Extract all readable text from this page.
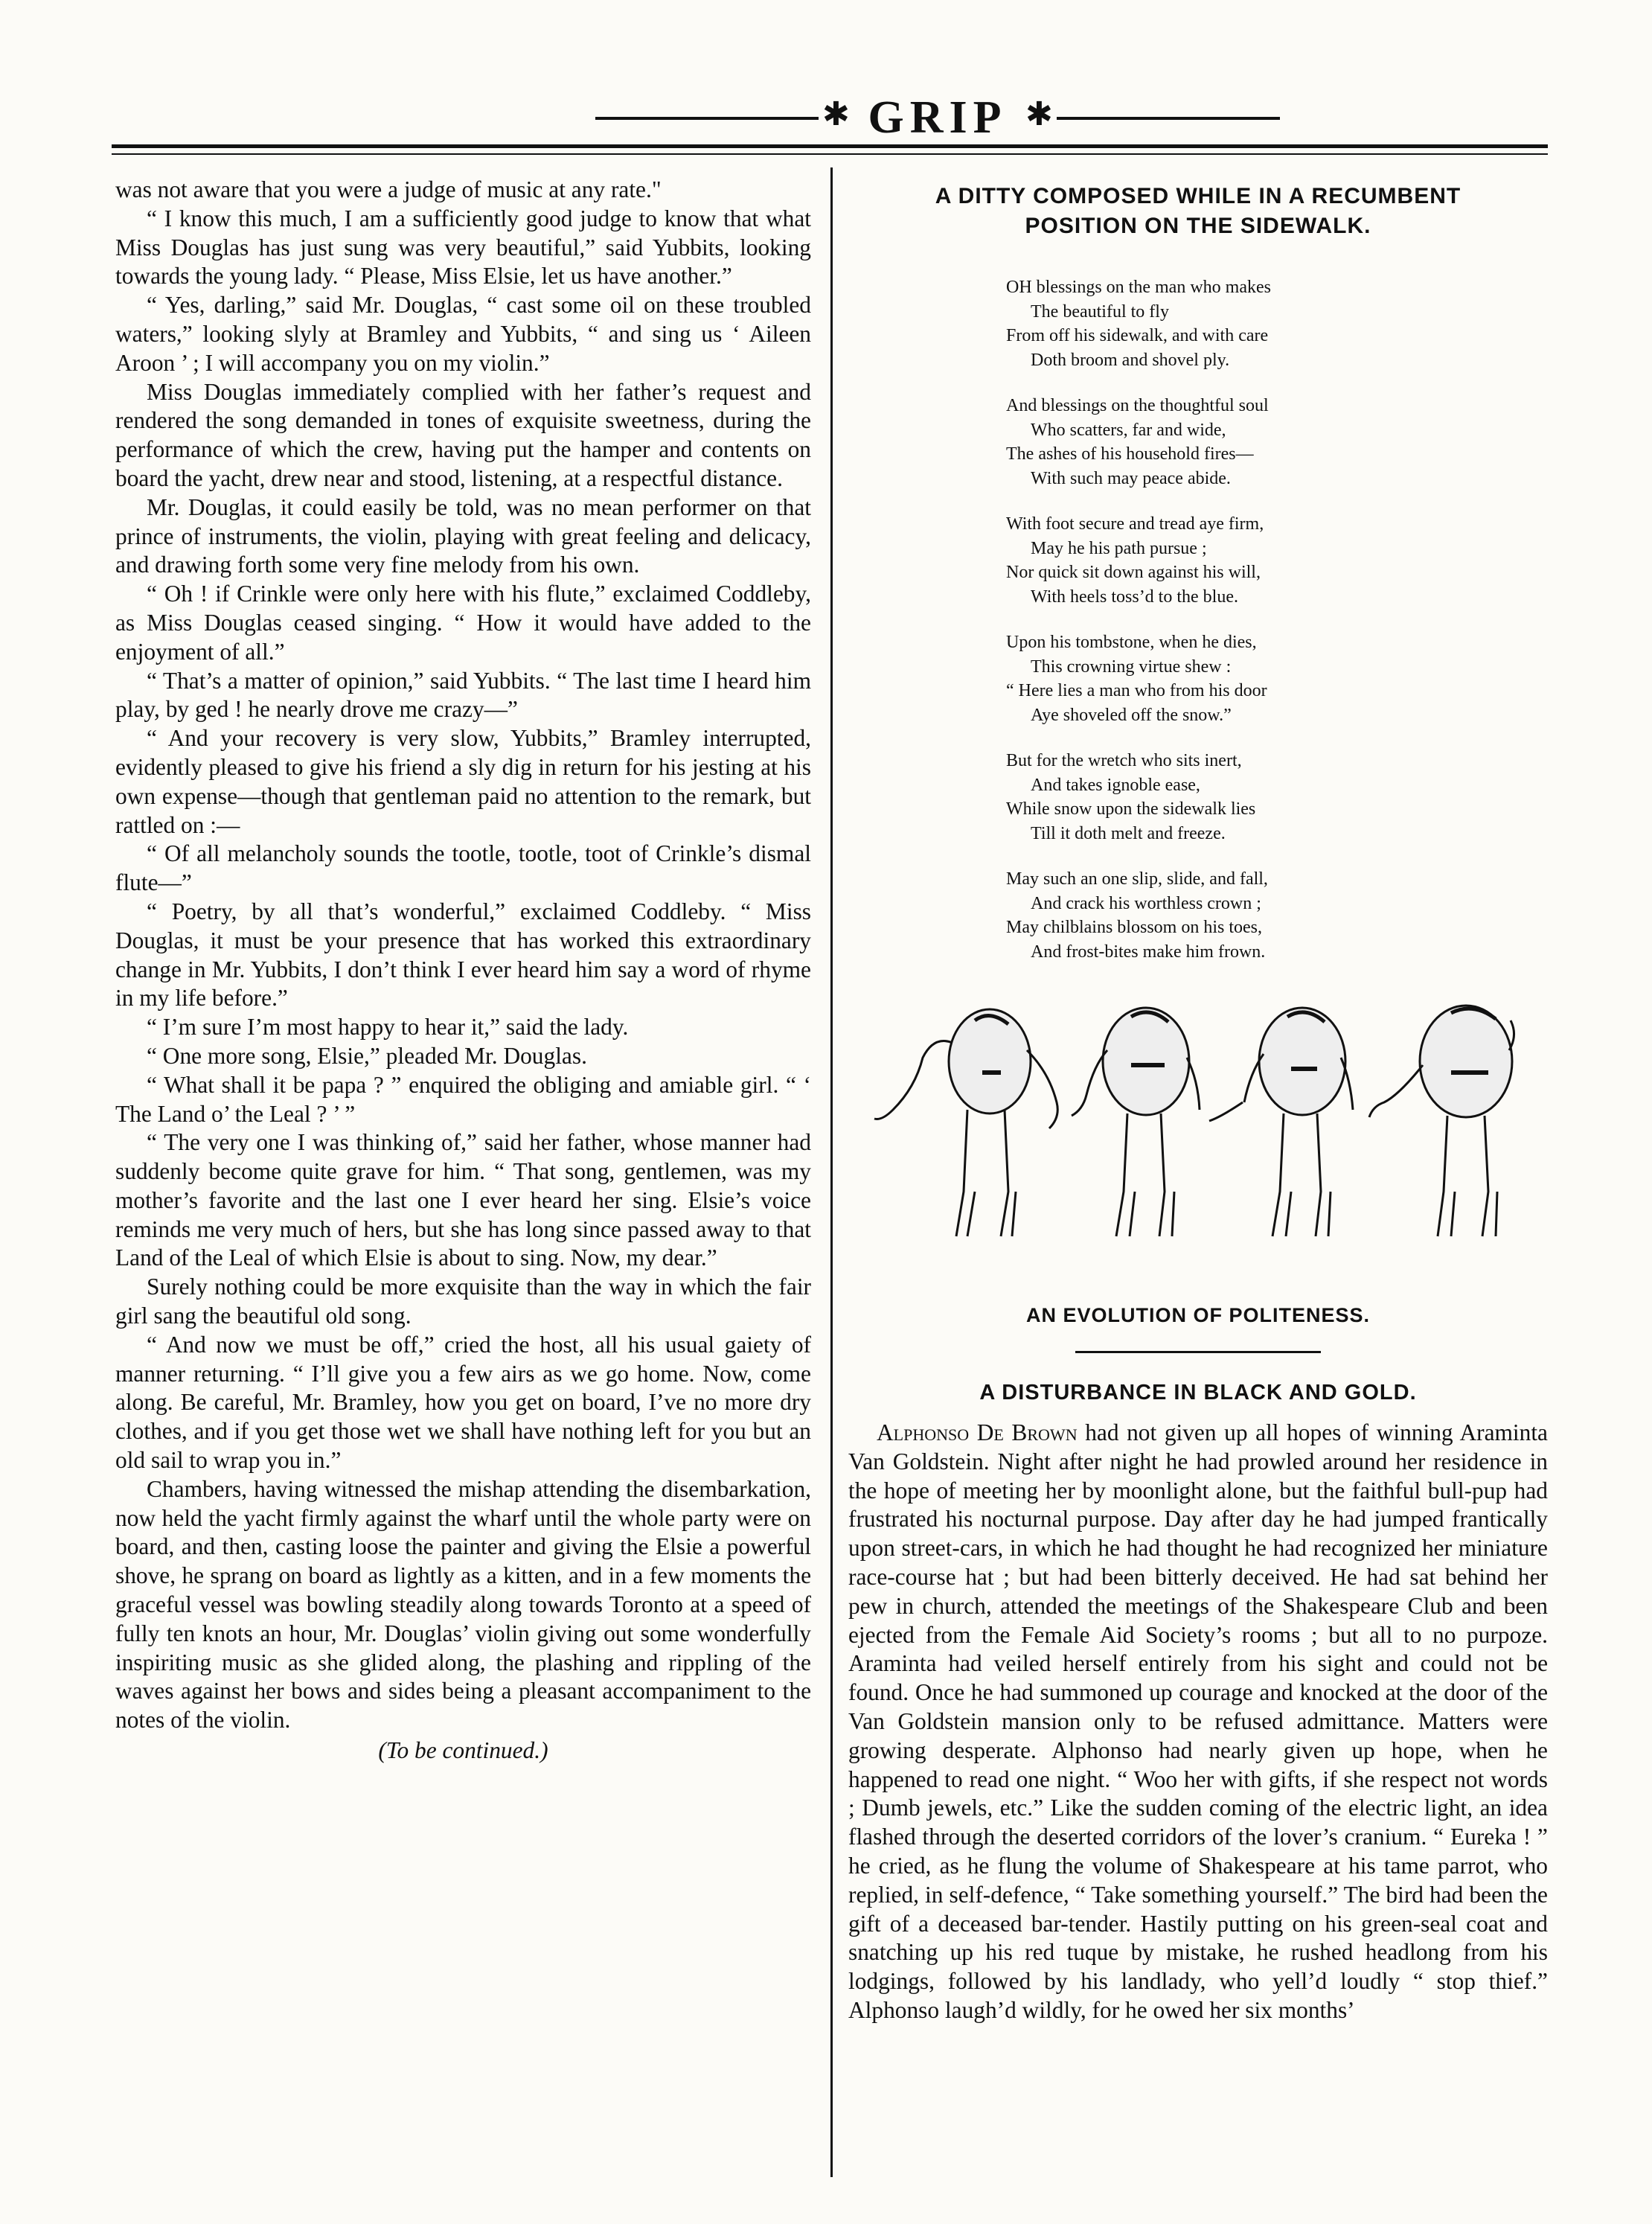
✱ GRIP ✱

was not aware that you were a judge of music at any rate."

“ I know this much, I am a sufficiently good judge to know that what Miss Douglas has just sung was very beautiful,” said Yubbits, looking towards the young lady. “ Please, Miss Elsie, let us have another.”

“ Yes, darling,” said Mr. Douglas, “ cast some oil on these troubled waters,” looking slyly at Bramley and Yubbits, “ and sing us ‘ Aileen Aroon ’ ; I will accompany you on my violin.”

Miss Douglas immediately complied with her father’s request and rendered the song demanded in tones of exquisite sweetness, during the performance of which the crew, having put the hamper and contents on board the yacht, drew near and stood, listening, at a respectful distance.

Mr. Douglas, it could easily be told, was no mean performer on that prince of instruments, the violin, playing with great feeling and delicacy, and drawing forth some very fine melody from his own.

“ Oh ! if Crinkle were only here with his flute,” exclaimed Coddleby, as Miss Douglas ceased singing. “ How it would have added to the enjoyment of all.”

“ That’s a matter of opinion,” said Yubbits. “ The last time I heard him play, by ged ! he nearly drove me crazy—”

“ And your recovery is very slow, Yubbits,” Bramley interrupted, evidently pleased to give his friend a sly dig in return for his jesting at his own expense—though that gentleman paid no attention to the remark, but rattled on :—

“ Of all melancholy sounds the tootle, tootle, toot of Crinkle’s dismal flute—”

“ Poetry, by all that’s wonderful,” exclaimed Coddleby. “ Miss Douglas, it must be your presence that has worked this extraordinary change in Mr. Yubbits, I don’t think I ever heard him say a word of rhyme in my life before.”

“ I’m sure I’m most happy to hear it,” said the lady.

“ One more song, Elsie,” pleaded Mr. Douglas.

“ What shall it be papa ? ” enquired the obliging and amiable girl. “ ‘ The Land o’ the Leal ? ’ ”

“ The very one I was thinking of,” said her father, whose manner had suddenly become quite grave for him. “ That song, gentlemen, was my mother’s favorite and the last one I ever heard her sing. Elsie’s voice reminds me very much of hers, but she has long since passed away to that Land of the Leal of which Elsie is about to sing. Now, my dear.”

Surely nothing could be more exquisite than the way in which the fair girl sang the beautiful old song.

“ And now we must be off,” cried the host, all his usual gaiety of manner returning. “ I’ll give you a few airs as we go home. Now, come along. Be careful, Mr. Bramley, how you get on board, I’ve no more dry clothes, and if you get those wet we shall have nothing left for you but an old sail to wrap you in.”

Chambers, having witnessed the mishap attending the disembarkation, now held the yacht firmly against the wharf until the whole party were on board, and then, casting loose the painter and giving the Elsie a powerful shove, he sprang on board as lightly as a kitten, and in a few moments the graceful vessel was bowling steadily along towards Toronto at a speed of fully ten knots an hour, Mr. Douglas’ violin giving out some wonderfully inspiriting music as she glided along, the plashing and rippling of the waves against her bows and sides being a pleasant accompaniment to the notes of the violin.

(To be continued.)

A DITTY COMPOSED WHILE IN A RECUMBENT
POSITION ON THE SIDEWALK.
OH blessings on the man who makes
The beautiful to fly
From off his sidewalk, and with care
Doth broom and shovel ply.
And blessings on the thoughtful soul
Who scatters, far and wide,
The ashes of his household fires—
With such may peace abide.
With foot secure and tread aye firm,
May he his path pursue ;
Nor quick sit down against his will,
With heels toss’d to the blue.
Upon his tombstone, when he dies,
This crowning virtue shew :
“ Here lies a man who from his door
Aye shoveled off the snow.”
But for the wretch who sits inert,
And takes ignoble ease,
While snow upon the sidewalk lies
Till it doth melt and freeze.
May such an one slip, slide, and fall,
And crack his worthless crown ;
May chilblains blossom on his toes,
And frost-bites make him frown.
AN EVOLUTION OF POLITENESS.
A DISTURBANCE IN BLACK AND GOLD.
Alphonso De Brown had not given up all hopes of winning Araminta Van Goldstein. Night after night he had prowled around her residence in the hope of meeting her by moonlight alone, but the faithful bull-pup had frustrated his nocturnal purpose. Day after day he had jumped frantically upon street-cars, in which he had thought he had recognized her miniature race-course hat ; but had been bitterly deceived. He had sat behind her pew in church, attended the meetings of the Shakespeare Club and been ejected from the Female Aid Society’s rooms ; but all to no purpoze. Araminta had veiled herself entirely from his sight and could not be found. Once he had summoned up courage and knocked at the door of the Van Goldstein mansion only to be refused admittance. Matters were growing desperate. Alphonso had nearly given up hope, when he happened to read one night. “ Woo her with gifts, if she respect not words ; Dumb jewels, etc.” Like the sudden coming of the electric light, an idea flashed through the deserted corridors of the lover’s cranium. “ Eureka ! ” he cried, as he flung the volume of Shakespeare at his tame parrot, who replied, in self-defence, “ Take something yourself.” The bird had been the gift of a deceased bar-tender. Hastily putting on his green-seal coat and snatching up his red tuque by mistake, he rushed headlong from his lodgings, followed by his landlady, who yell’d loudly “ stop thief.” Alphonso laugh’d wildly, for he owed her six months’
